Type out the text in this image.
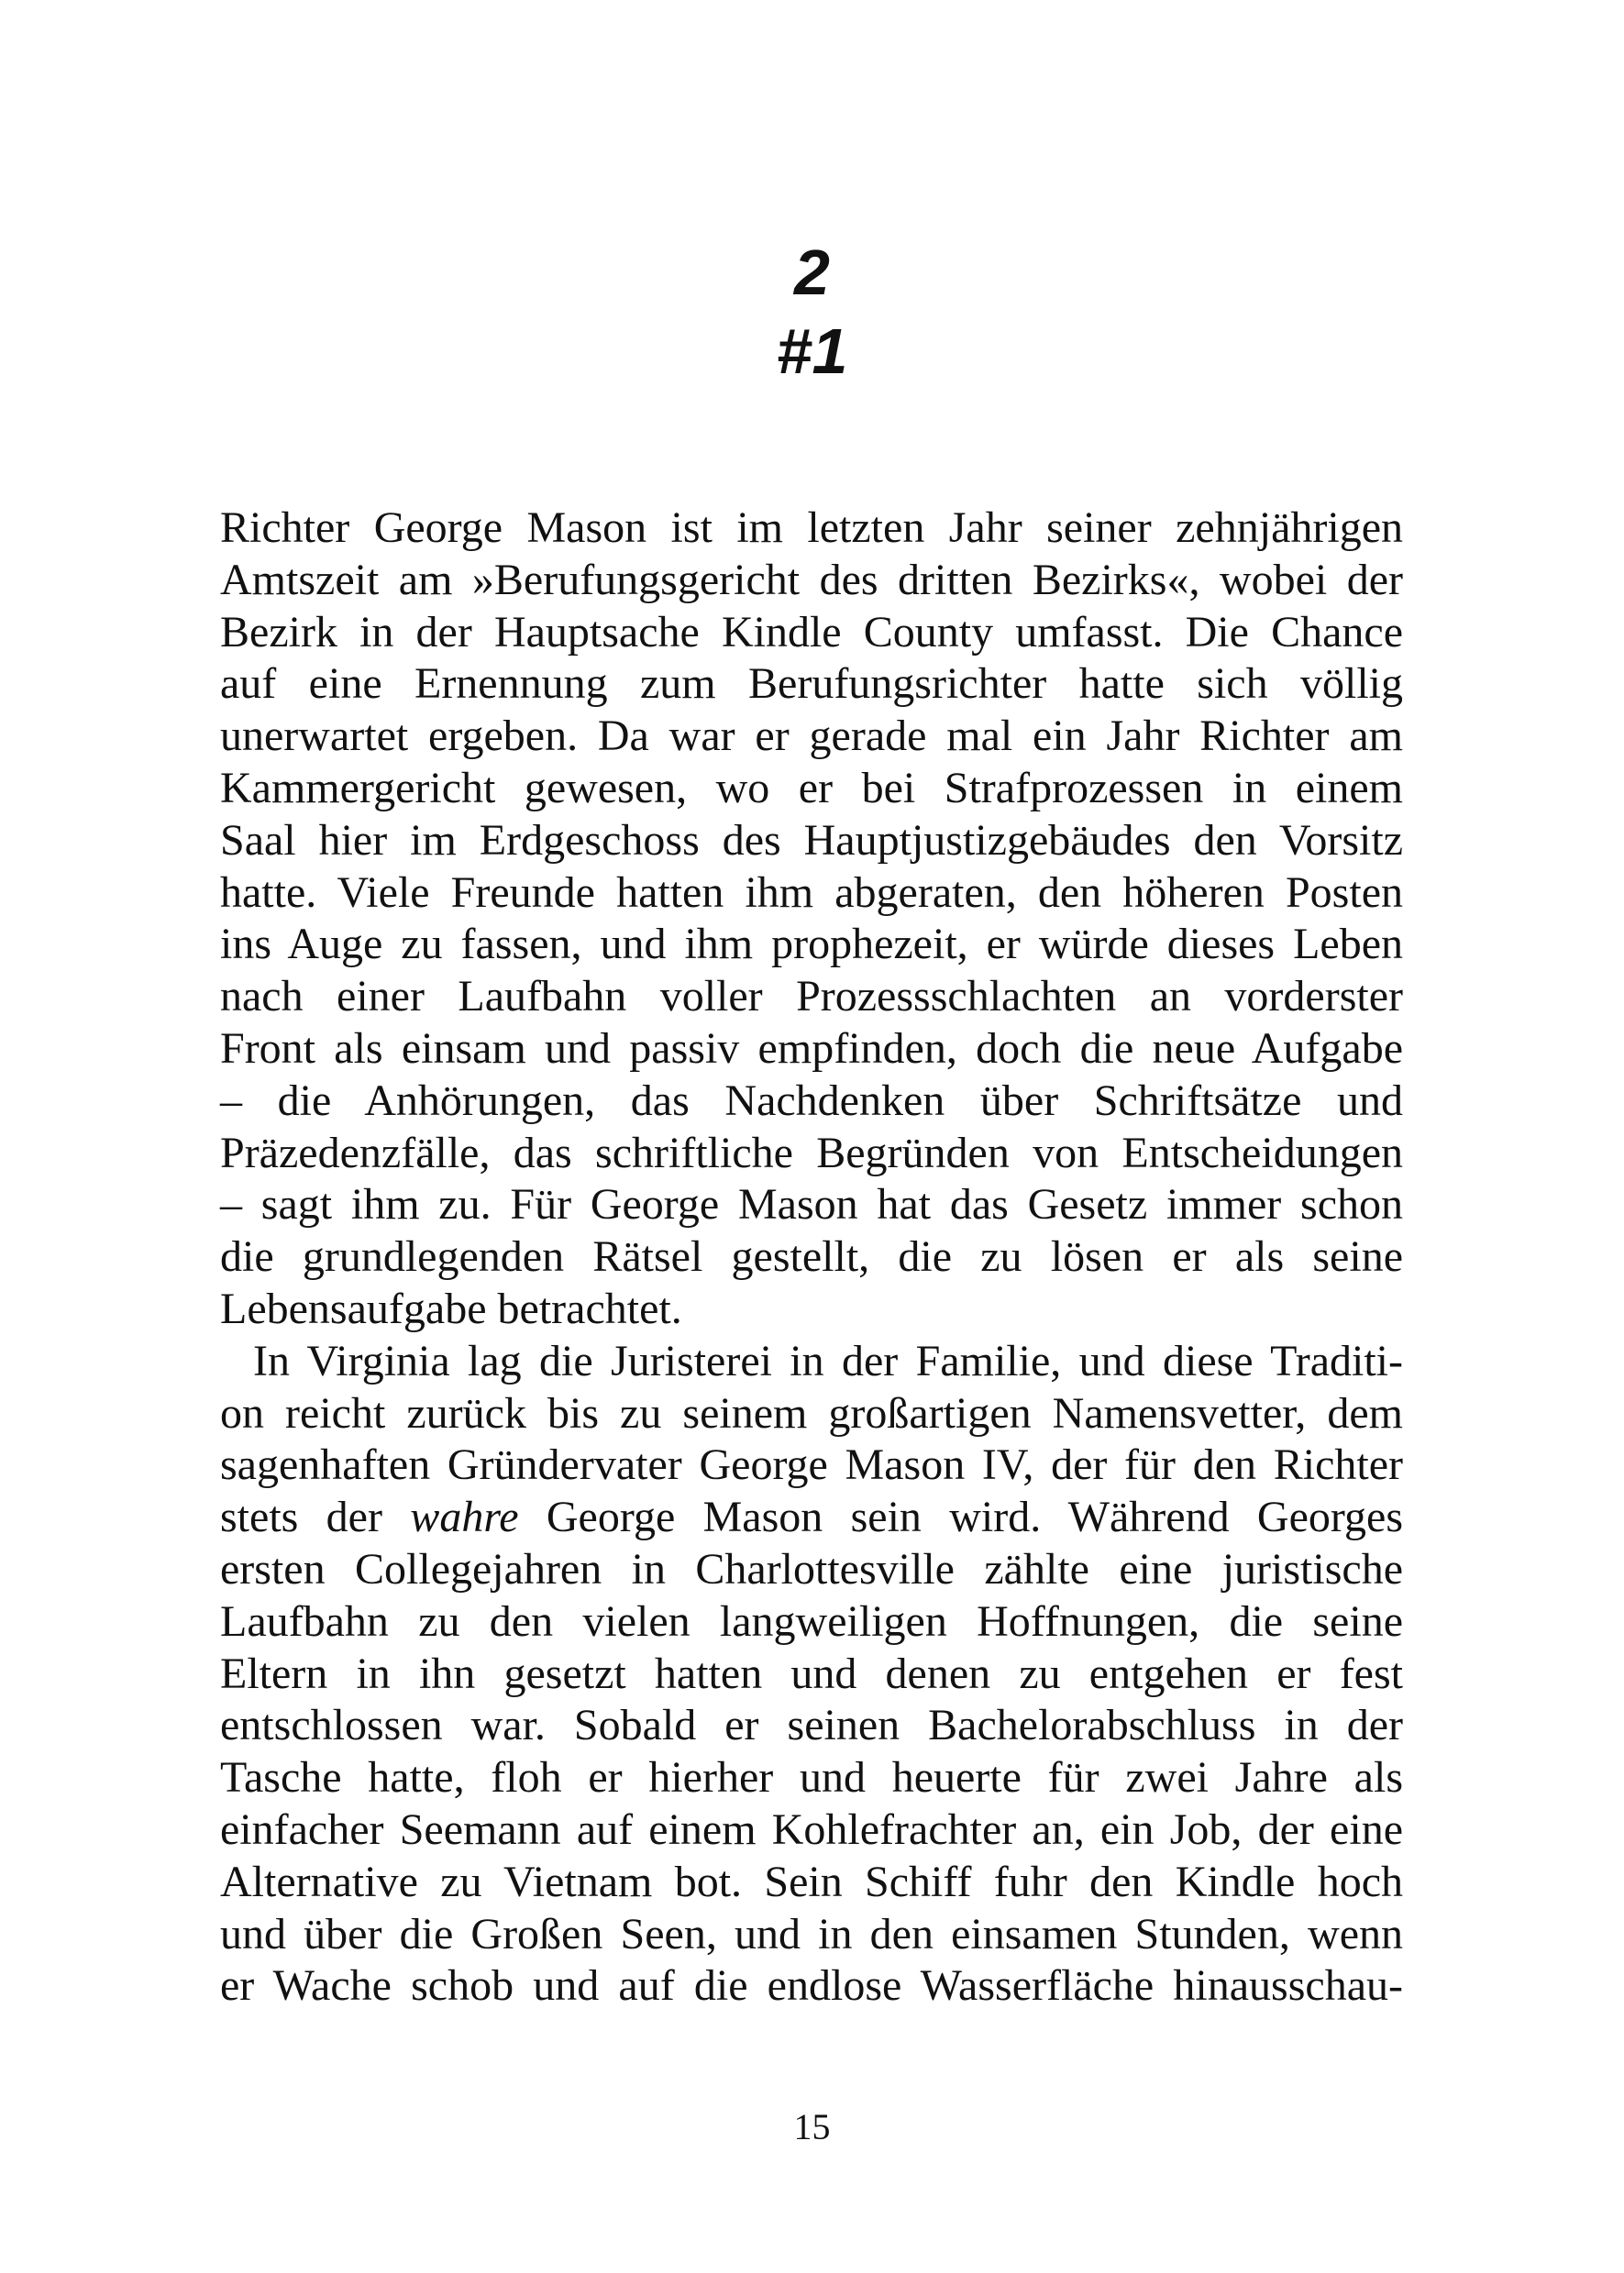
2
#1
Richter George Mason ist im letzten Jahr seiner zehnjährigen
Amtszeit am »Berufungsgericht des dritten Bezirks«, wobei der
Bezirk in der Hauptsache Kindle County umfasst. Die Chance
auf eine Ernennung zum Berufungsrichter hatte sich völlig
unerwartet ergeben. Da war er gerade mal ein Jahr Richter am
Kammergericht gewesen, wo er bei Strafprozessen in einem
Saal hier im Erdgeschoss des Hauptjustizgebäudes den Vorsitz
hatte. Viele Freunde hatten ihm abgeraten, den höheren Posten
ins Auge zu fassen, und ihm prophezeit, er würde dieses Leben
nach einer Laufbahn voller Prozessschlachten an vorderster
Front als einsam und passiv empfinden, doch die neue Aufgabe
– die Anhörungen, das Nachdenken über Schriftsätze und
Präzedenzfälle, das schriftliche Begründen von Entscheidungen
– sagt ihm zu. Für George Mason hat das Gesetz immer schon
die grundlegenden Rätsel gestellt, die zu lösen er als seine
Lebensaufgabe betrachtet.
In Virginia lag die Juristerei in der Familie, und diese Traditi-
on reicht zurück bis zu seinem großartigen Namensvetter, dem
sagenhaften Gründervater George Mason IV, der für den Richter
stets der wahre George Mason sein wird. Während Georges
ersten Collegejahren in Charlottesville zählte eine juristische
Laufbahn zu den vielen langweiligen Hoffnungen, die seine
Eltern in ihn gesetzt hatten und denen zu entgehen er fest
entschlossen war. Sobald er seinen Bachelorabschluss in der
Tasche hatte, floh er hierher und heuerte für zwei Jahre als
einfacher Seemann auf einem Kohlefrachter an, ein Job, der eine
Alternative zu Vietnam bot. Sein Schiff fuhr den Kindle hoch
und über die Großen Seen, und in den einsamen Stunden, wenn
er Wache schob und auf die endlose Wasserfläche hinausschau-
15
